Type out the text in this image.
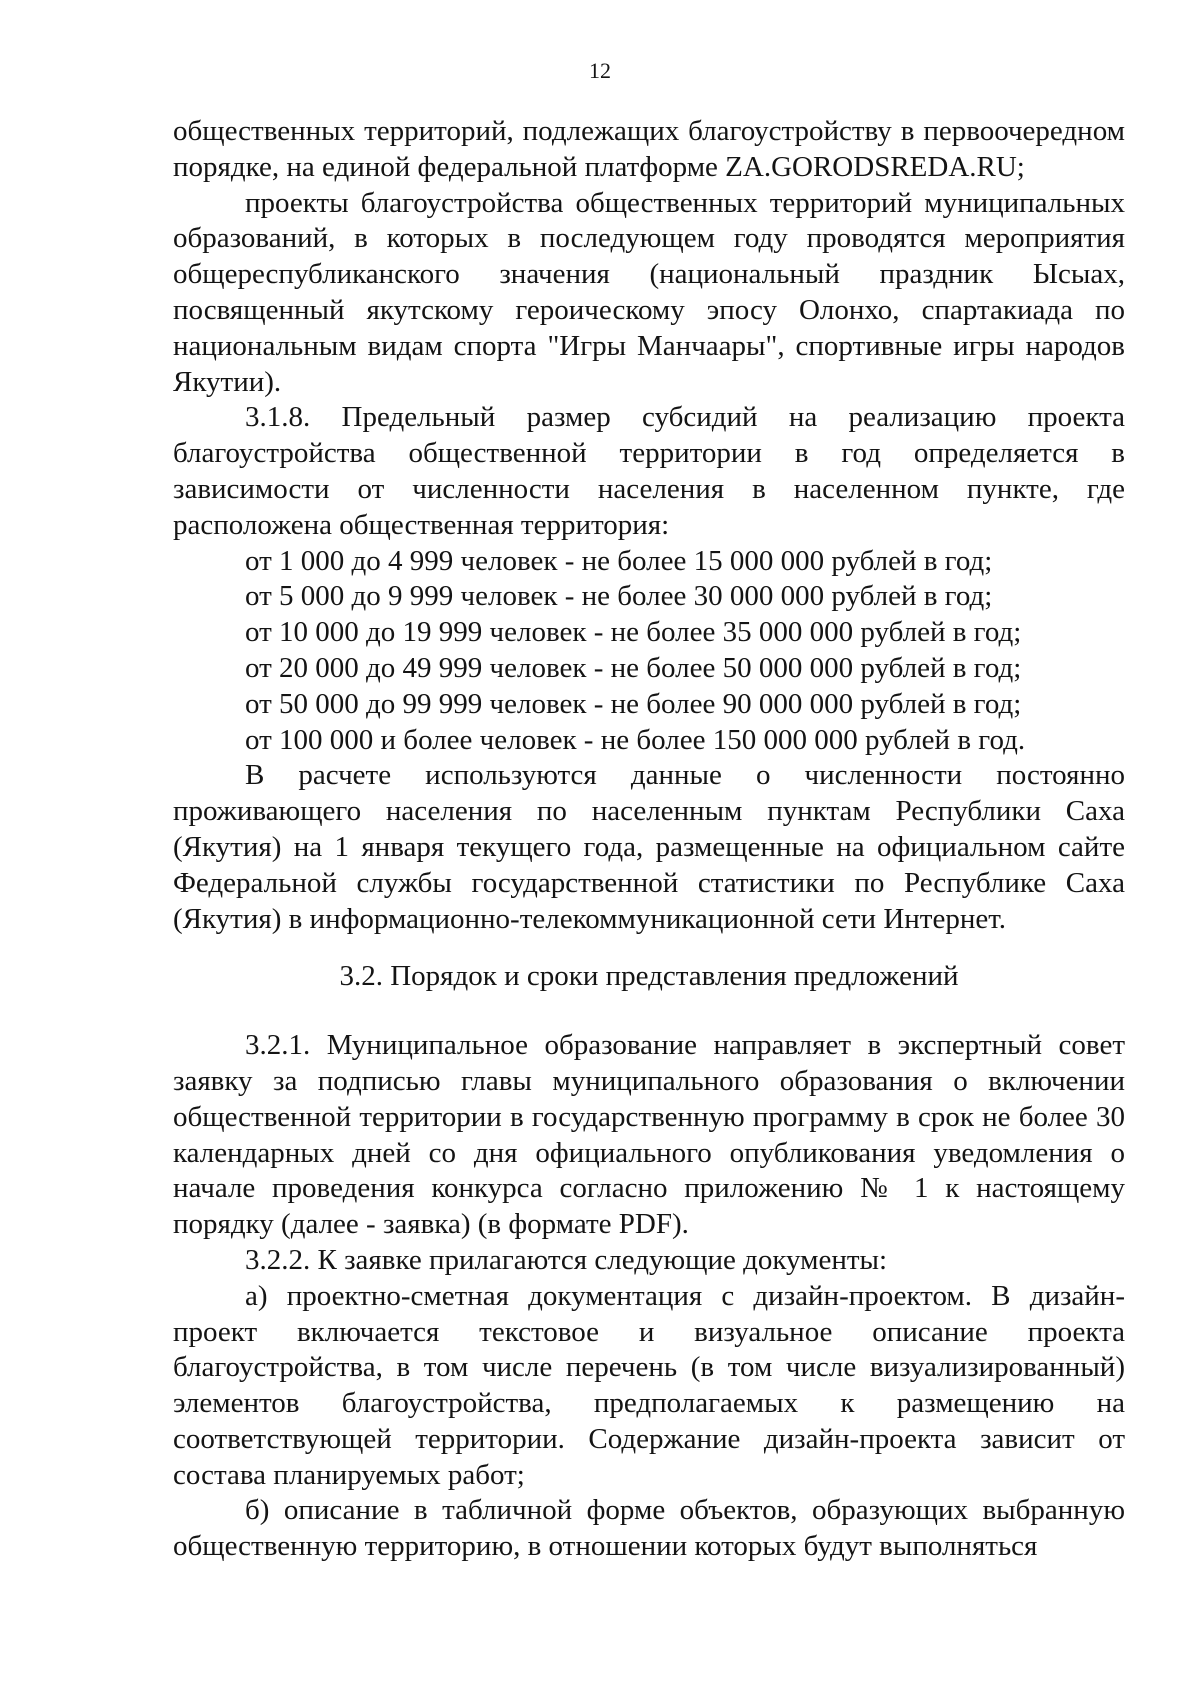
12

общественных территорий, подлежащих благоустройству в первоочередном порядке, на единой федеральной платформе ZA.GORODSREDA.RU;

проекты благоустройства общественных территорий муниципальных образований, в которых в последующем году проводятся мероприятия общереспубликанского значения (национальный праздник Ысыах, посвященный якутскому героическому эпосу Олонхо, спартакиада по национальным видам спорта "Игры Манчаары", спортивные игры народов Якутии).

3.1.8. Предельный размер субсидий на реализацию проекта благоустройства общественной территории в год определяется в зависимости от численности населения в населенном пункте, где расположена общественная территория:

от 1 000 до 4 999 человек - не более 15 000 000 рублей в год;

от 5 000 до 9 999 человек - не более 30 000 000 рублей в год;

от 10 000 до 19 999 человек - не более 35 000 000 рублей в год;

от 20 000 до 49 999 человек - не более 50 000 000 рублей в год;

от 50 000 до 99 999 человек - не более 90 000 000 рублей в год;

от 100 000 и более человек - не более 150 000 000 рублей в год.

В расчете используются данные о численности постоянно проживающего населения по населенным пунктам Республики Саха (Якутия) на 1 января текущего года, размещенные на официальном сайте Федеральной службы государственной статистики по Республике Саха (Якутия) в информационно-телекоммуникационной сети Интернет.

3.2. Порядок и сроки представления предложений

3.2.1. Муниципальное образование направляет в экспертный совет заявку за подписью главы муниципального образования о включении общественной территории в государственную программу в срок не более 30 календарных дней со дня официального опубликования уведомления о начале проведения конкурса согласно приложению № 1 к настоящему порядку (далее - заявка) (в формате PDF).

3.2.2. К заявке прилагаются следующие документы:

а) проектно-сметная документация с дизайн-проектом. В дизайн-проект включается текстовое и визуальное описание проекта благоустройства, в том числе перечень (в том числе визуализированный) элементов благоустройства, предполагаемых к размещению на соответствующей территории. Содержание дизайн-проекта зависит от состава планируемых работ;

б) описание в табличной форме объектов, образующих выбранную общественную территорию, в отношении которых будут выполняться
